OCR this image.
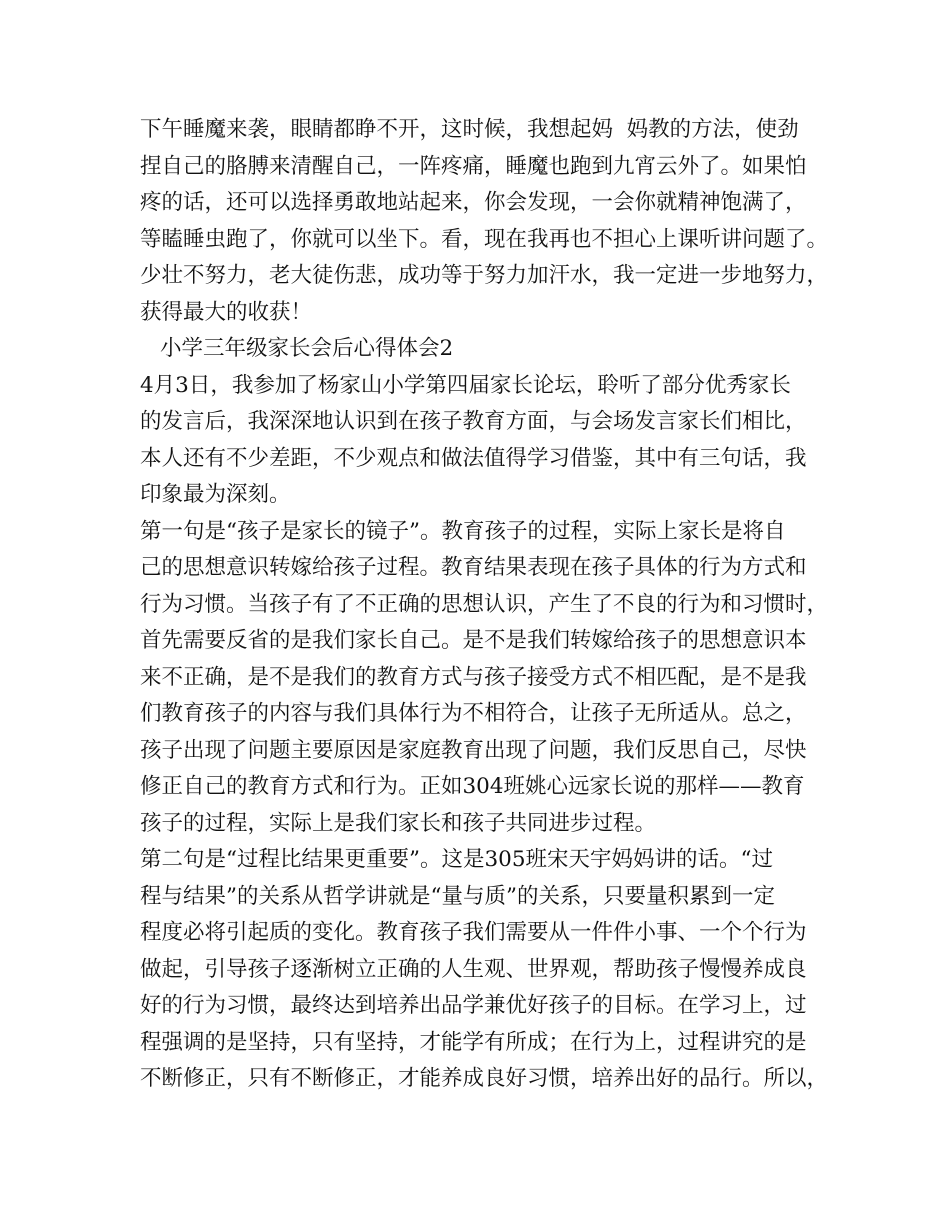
下午睡魔来袭，眼睛都睁不开，这时候，我想起妈  妈教的方法，使劲
捏自己的胳膊来清醒自己，一阵疼痛，睡魔也跑到九宵云外了。如果怕
疼的话，还可以选择勇敢地站起来，你会发现，一会你就精神饱满了，
等瞌睡虫跑了，你就可以坐下。看，现在我再也不担心上课听讲问题了。
少壮不努力，老大徒伤悲，成功等于努力加汗水，我一定进一步地努力，
获得最大的收获！
小学三年级家长会后心得体会2
4月3日，我参加了杨家山小学第四届家长论坛，聆听了部分优秀家长
的发言后，我深深地认识到在孩子教育方面，与会场发言家长们相比，
本人还有不少差距，不少观点和做法值得学习借鉴，其中有三句话，我
印象最为深刻。
第一句是“孩子是家长的镜子”。教育孩子的过程，实际上家长是将自
己的思想意识转嫁给孩子过程。教育结果表现在孩子具体的行为方式和
行为习惯。当孩子有了不正确的思想认识，产生了不良的行为和习惯时，
首先需要反省的是我们家长自己。是不是我们转嫁给孩子的思想意识本
来不正确，是不是我们的教育方式与孩子接受方式不相匹配，是不是我
们教育孩子的内容与我们具体行为不相符合，让孩子无所适从。总之，
孩子出现了问题主要原因是家庭教育出现了问题，我们反思自己，尽快
修正自己的教育方式和行为。正如304班姚心远家长说的那样——教育
孩子的过程，实际上是我们家长和孩子共同进步过程。
第二句是“过程比结果更重要”。这是305班宋天宇妈妈讲的话。“过
程与结果”的关系从哲学讲就是“量与质”的关系，只要量积累到一定
程度必将引起质的变化。教育孩子我们需要从一件件小事、一个个行为
做起，引导孩子逐渐树立正确的人生观、世界观，帮助孩子慢慢养成良
好的行为习惯，最终达到培养出品学兼优好孩子的目标。在学习上，过
程强调的是坚持，只有坚持，才能学有所成；在行为上，过程讲究的是
不断修正，只有不断修正，才能养成良好习惯，培养出好的品行。所以，
